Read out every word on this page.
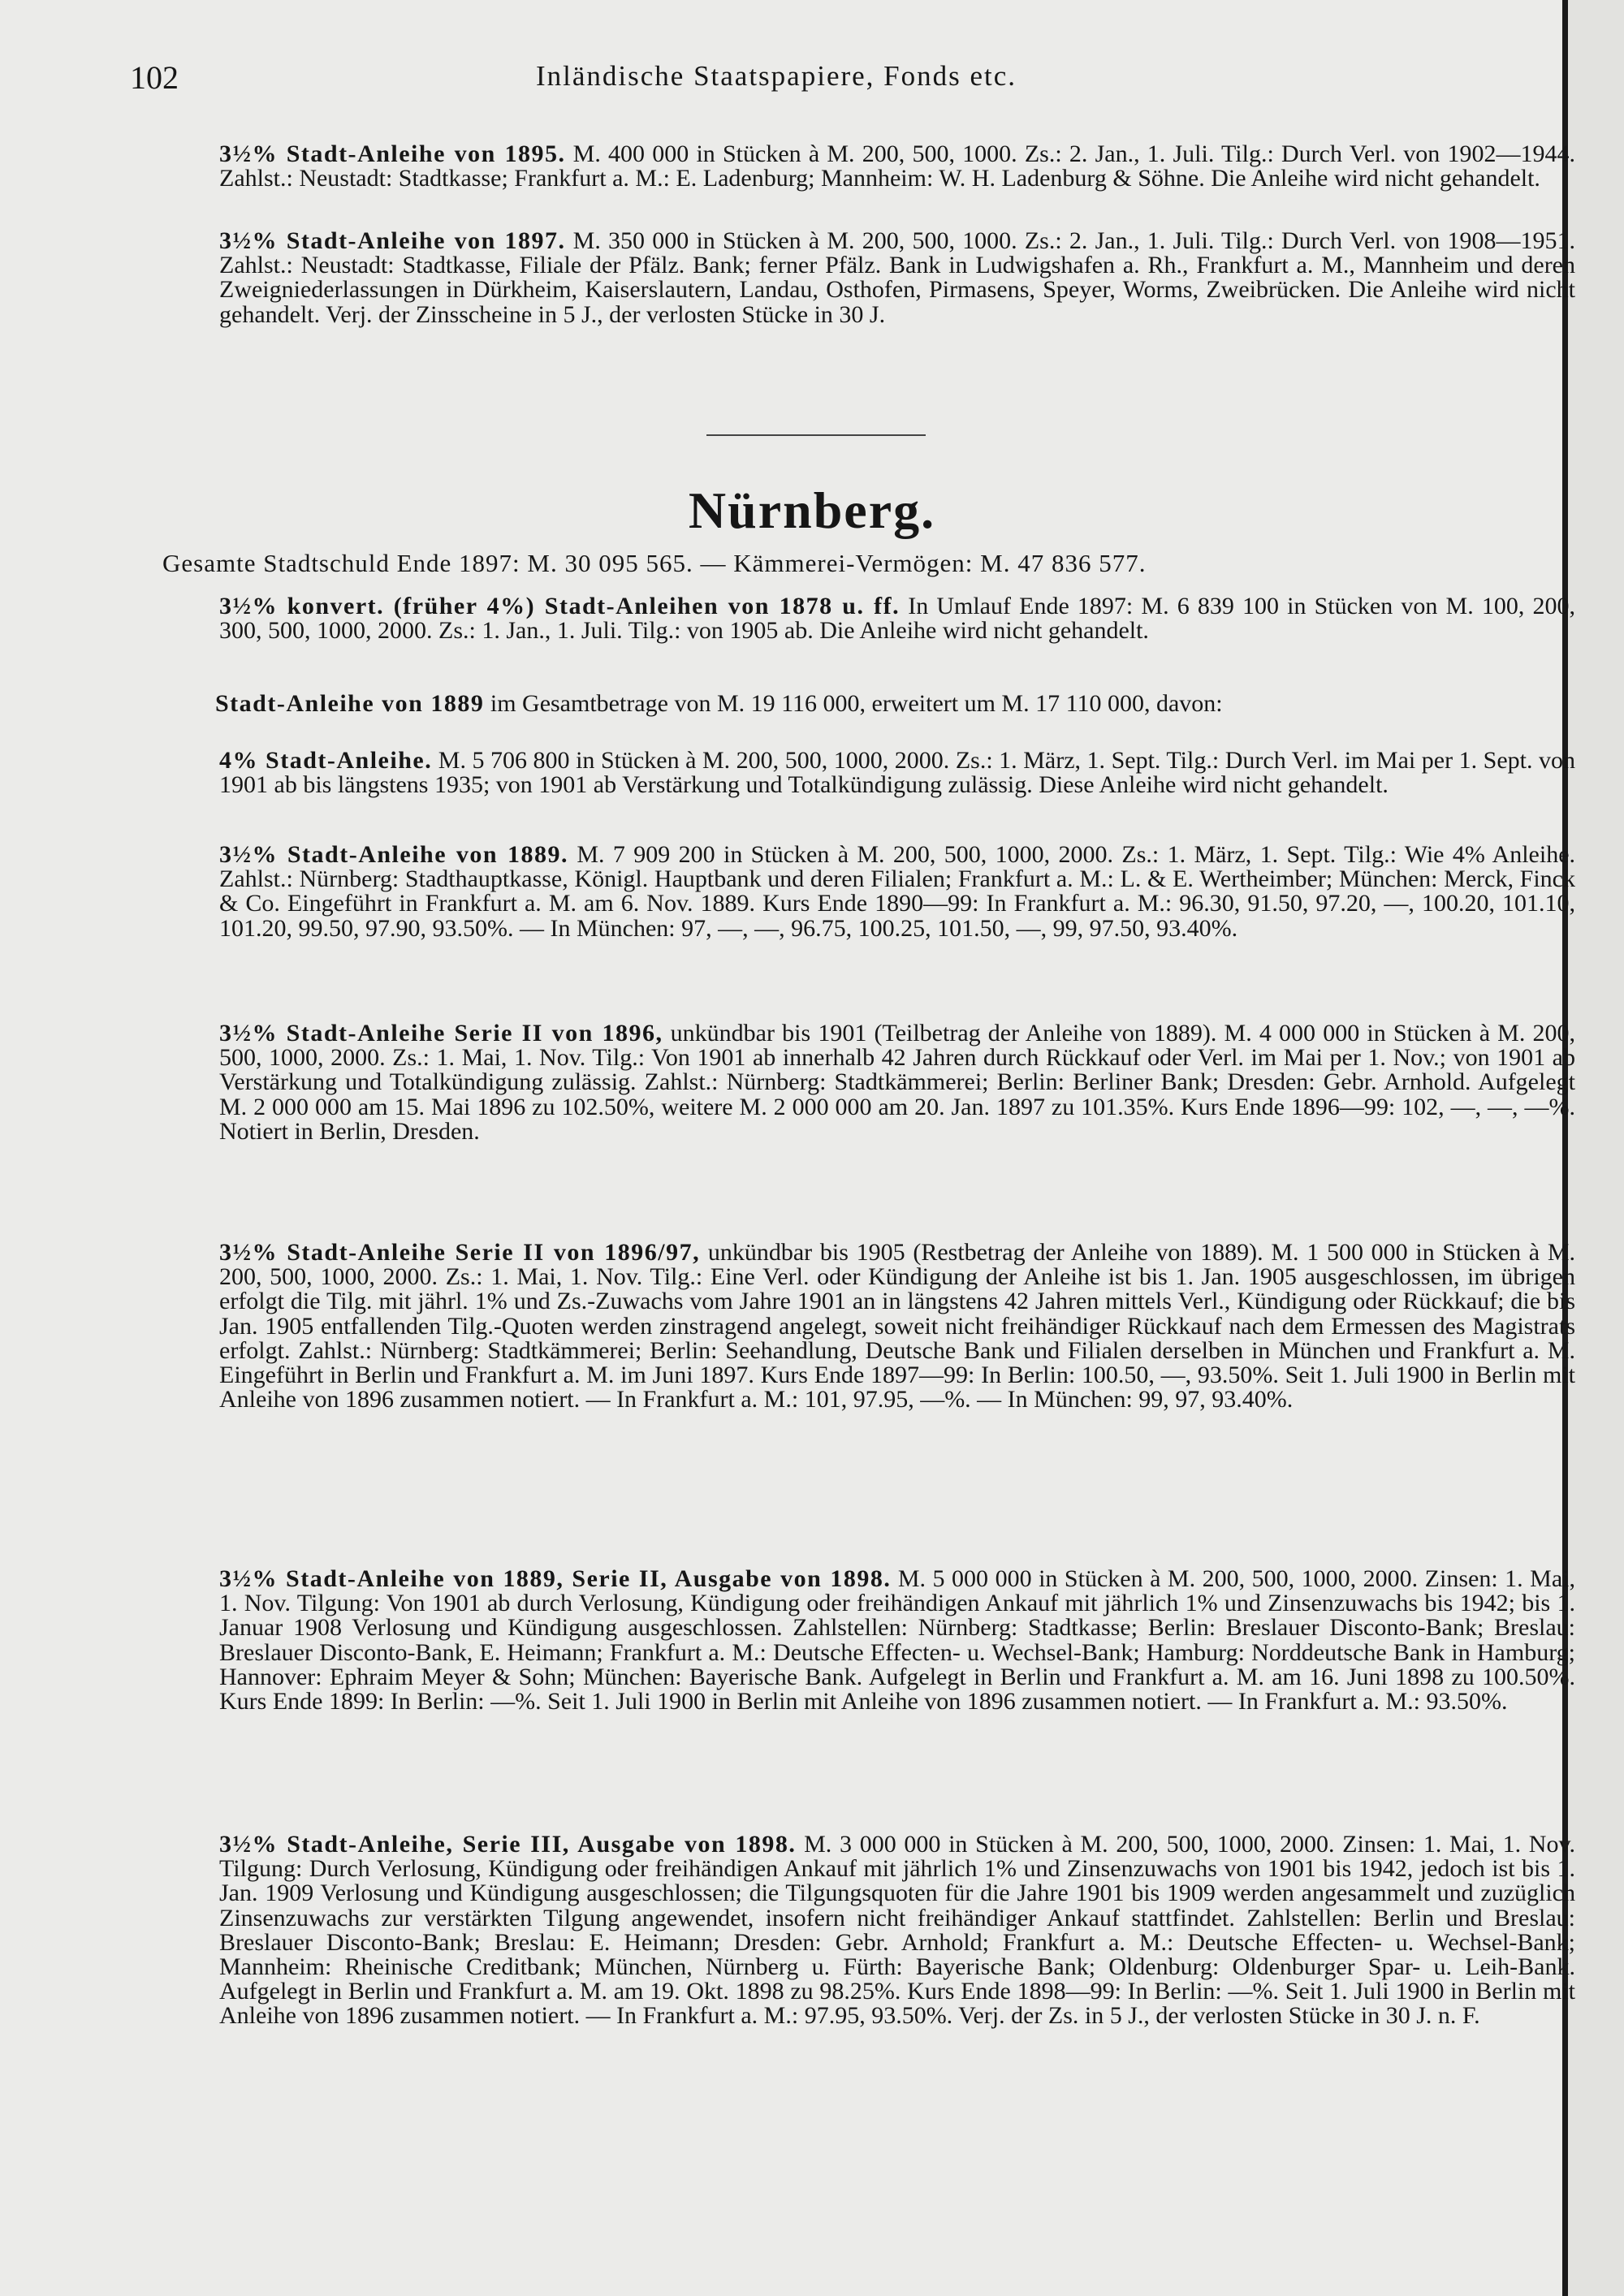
102	Inländische Staatspapiere, Fonds etc.

3½% Stadt-Anleihe von 1895. M. 400 000 in Stücken à M. 200, 500, 1000. Zs.: 2. Jan., 1. Juli. Tilg.: Durch Verl. von 1902—1944. Zahlst.: Neustadt: Stadtkasse; Frankfurt a. M.: E. Ladenburg; Mannheim: W. H. Ladenburg & Söhne. Die Anleihe wird nicht gehandelt.

3½% Stadt-Anleihe von 1897. M. 350 000 in Stücken à M. 200, 500, 1000. Zs.: 2. Jan., 1. Juli. Tilg.: Durch Verl. von 1908—1951. Zahlst.: Neustadt: Stadtkasse, Filiale der Pfälz. Bank; ferner Pfälz. Bank in Ludwigshafen a. Rh., Frankfurt a. M., Mannheim und deren Zweigniederlassungen in Dürkheim, Kaiserslautern, Landau, Osthofen, Pirmasens, Speyer, Worms, Zweibrücken. Die Anleihe wird nicht gehandelt. Verj. der Zinsscheine in 5 J., der verlosten Stücke in 30 J.

Nürnberg.
Gesamte Stadtschuld Ende 1897: M. 30 095 565. — Kämmerei-Vermögen: M. 47 836 577.

3½% konvert. (früher 4%) Stadt-Anleihen von 1878 u. ff. In Umlauf Ende 1897: M. 6 839 100 in Stücken von M. 100, 200, 300, 500, 1000, 2000. Zs.: 1. Jan., 1. Juli. Tilg.: von 1905 ab. Die Anleihe wird nicht gehandelt.

Stadt-Anleihe von 1889 im Gesamtbetrage von M. 19 116 000, erweitert um M. 17 110 000, davon:

4% Stadt-Anleihe. M. 5 706 800 in Stücken à M. 200, 500, 1000, 2000. Zs.: 1. März, 1. Sept. Tilg.: Durch Verl. im Mai per 1. Sept. von 1901 ab bis längstens 1935; von 1901 ab Verstärkung und Totalkündigung zulässig. Diese Anleihe wird nicht gehandelt.

3½% Stadt-Anleihe von 1889. M. 7 909 200 in Stücken à M. 200, 500, 1000, 2000. Zs.: 1. März, 1. Sept. Tilg.: Wie 4% Anleihe. Zahlst.: Nürnberg: Stadthauptkasse, Königl. Hauptbank und deren Filialen; Frankfurt a. M.: L. & E. Wertheimber; München: Merck, Finck & Co. Eingeführt in Frankfurt a. M. am 6. Nov. 1889. Kurs Ende 1890—99: In Frankfurt a. M.: 96.30, 91.50, 97.20, —, 100.20, 101.10, 101.20, 99.50, 97.90, 93.50%. — In München: 97, —, —, 96.75, 100.25, 101.50, —, 99, 97.50, 93.40%.

3½% Stadt-Anleihe Serie II von 1896, unkündbar bis 1901 (Teilbetrag der Anleihe von 1889). M. 4 000 000 in Stücken à M. 200, 500, 1000, 2000. Zs.: 1. Mai, 1. Nov. Tilg.: Von 1901 ab innerhalb 42 Jahren durch Rückkauf oder Verl. im Mai per 1. Nov.; von 1901 ab Verstärkung und Totalkündigung zulässig. Zahlst.: Nürnberg: Stadtkämmerei; Berlin: Berliner Bank; Dresden: Gebr. Arnhold. Aufgelegt M. 2 000 000 am 15. Mai 1896 zu 102.50%, weitere M. 2 000 000 am 20. Jan. 1897 zu 101.35%. Kurs Ende 1896—99: 102, —, —, —%. Notiert in Berlin, Dresden.

3½% Stadt-Anleihe Serie II von 1896/97, unkündbar bis 1905 (Restbetrag der Anleihe von 1889). M. 1 500 000 in Stücken à M. 200, 500, 1000, 2000. Zs.: 1. Mai, 1. Nov. Tilg.: Eine Verl. oder Kündigung der Anleihe ist bis 1. Jan. 1905 ausgeschlossen, im übrigen erfolgt die Tilg. mit jährl. 1% und Zs.-Zuwachs vom Jahre 1901 an in längstens 42 Jahren mittels Verl., Kündigung oder Rückkauf; die bis Jan. 1905 entfallenden Tilg.-Quoten werden zinstragend angelegt, soweit nicht freihändiger Rückkauf nach dem Ermessen des Magistrats erfolgt. Zahlst.: Nürnberg: Stadtkämmerei; Berlin: Seehandlung, Deutsche Bank und Filialen derselben in München und Frankfurt a. M. Eingeführt in Berlin und Frankfurt a. M. im Juni 1897. Kurs Ende 1897—99: In Berlin: 100.50, —, 93.50%. Seit 1. Juli 1900 in Berlin mit Anleihe von 1896 zusammen notiert. — In Frankfurt a. M.: 101, 97.95, —%. — In München: 99, 97, 93.40%.

3½% Stadt-Anleihe von 1889, Serie II, Ausgabe von 1898. M. 5 000 000 in Stücken à M. 200, 500, 1000, 2000. Zinsen: 1. Mai, 1. Nov. Tilgung: Von 1901 ab durch Verlosung, Kündigung oder freihändigen Ankauf mit jährlich 1% und Zinsenzuwachs bis 1942; bis 1. Januar 1908 Verlosung und Kündigung ausgeschlossen. Zahlstellen: Nürnberg: Stadtkasse; Berlin: Breslauer Disconto-Bank; Breslau: Breslauer Disconto-Bank, E. Heimann; Frankfurt a. M.: Deutsche Effecten- u. Wechsel-Bank; Hamburg: Norddeutsche Bank in Hamburg; Hannover: Ephraim Meyer & Sohn; München: Bayerische Bank. Aufgelegt in Berlin und Frankfurt a. M. am 16. Juni 1898 zu 100.50%. Kurs Ende 1899: In Berlin: —%. Seit 1. Juli 1900 in Berlin mit Anleihe von 1896 zusammen notiert. — In Frankfurt a. M.: 93.50%.

3½% Stadt-Anleihe, Serie III, Ausgabe von 1898. M. 3 000 000 in Stücken à M. 200, 500, 1000, 2000. Zinsen: 1. Mai, 1. Nov. Tilgung: Durch Verlosung, Kündigung oder freihändigen Ankauf mit jährlich 1% und Zinsenzuwachs von 1901 bis 1942, jedoch ist bis 1. Jan. 1909 Verlosung und Kündigung ausgeschlossen; die Tilgungsquoten für die Jahre 1901 bis 1909 werden angesammelt und zuzüglich Zinsenzuwachs zur verstärkten Tilgung angewendet, insofern nicht freihändiger Ankauf stattfindet. Zahlstellen: Berlin und Breslau: Breslauer Disconto-Bank; Breslau: E. Heimann; Dresden: Gebr. Arnhold; Frankfurt a. M.: Deutsche Effecten- u. Wechsel-Bank; Mannheim: Rheinische Creditbank; München, Nürnberg u. Fürth: Bayerische Bank; Oldenburg: Oldenburger Spar- u. Leih-Bank. Aufgelegt in Berlin und Frankfurt a. M. am 19. Okt. 1898 zu 98.25%. Kurs Ende 1898—99: In Berlin: —%. Seit 1. Juli 1900 in Berlin mit Anleihe von 1896 zusammen notiert. — In Frankfurt a. M.: 97.95, 93.50%. Verj. der Zs. in 5 J., der verlosten Stücke in 30 J. n. F.
